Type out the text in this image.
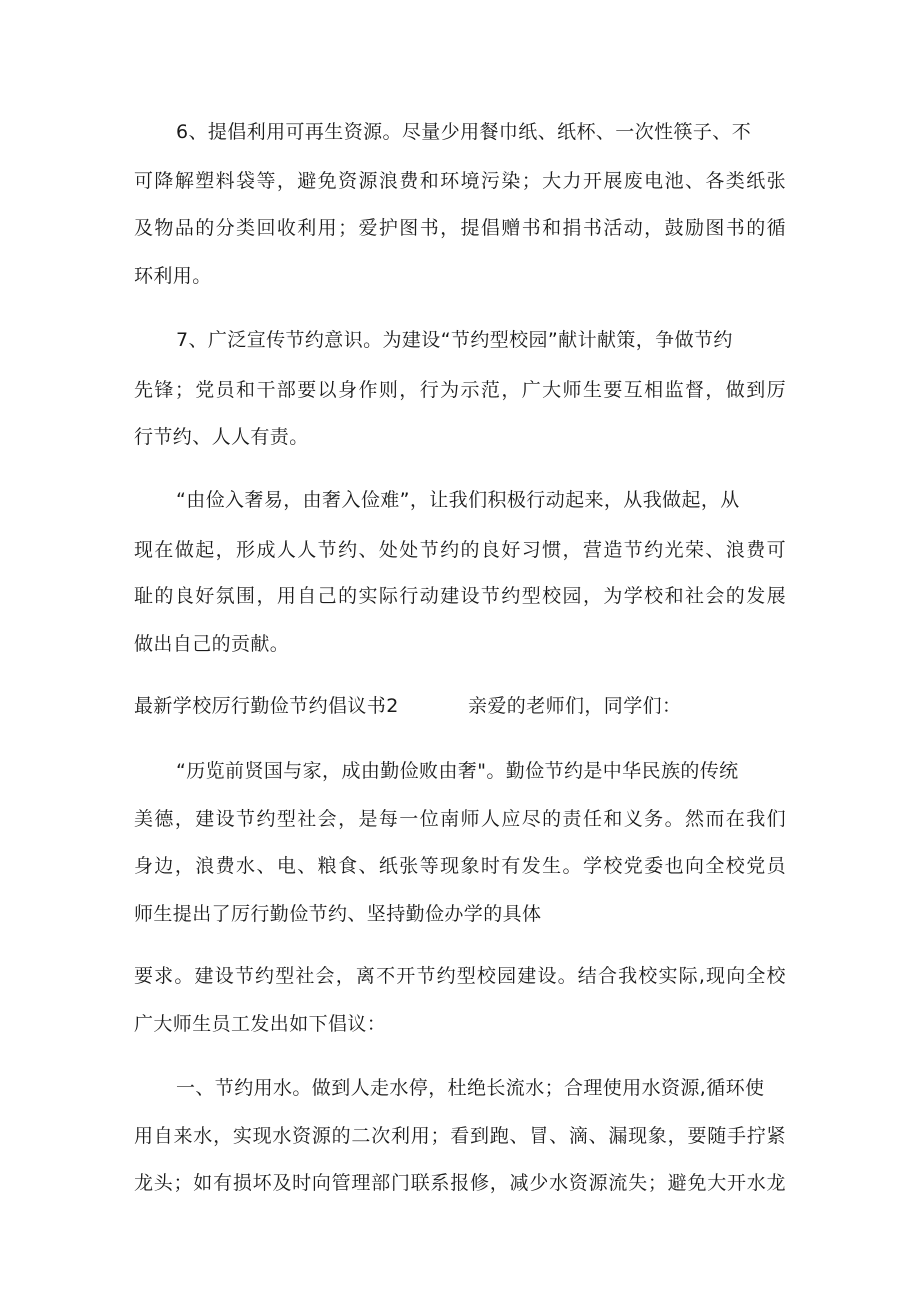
6、提倡利用可再生资源。尽量少用餐巾纸、纸杯、一次性筷子、不
可 降 解 塑 料 袋 等 ， 避 免 资 源 浪 费 和 环 境 污 染 ； 大 力 开 展 废 电 池 、 各 类 纸 张
及 物 品 的 分 类 回 收 利 用 ； 爱 护 图 书 ， 提 倡 赠 书 和 捐 书 活 动 ， 鼓 励 图 书 的 循
环利用。
7、广泛宣传节约意识。为建设“节约型校园”献计献策，争做节约
先 锋 ； 党 员 和 干 部 要 以 身 作 则 ， 行 为 示 范 ， 广 大 师 生 要 互 相 监 督 ， 做 到 厉
行节约、人人有责。
“由俭入奢易，由奢入俭难”，让我们积极行动起来，从我做起，从
现 在 做 起 ， 形 成 人 人 节 约 、 处 处 节 约 的 良 好 习 惯 ， 营 造 节 约 光 荣 、 浪 费 可
耻 的 良 好 氛 围 ， 用 自 己 的 实 际 行 动 建 设 节 约 型 校 园 ， 为 学 校 和 社 会 的 发 展
做出自己的贡献。
最新学校厉行勤俭节约倡议书2	亲爱的老师们，同学们：
“历览前贤国与家，成由勤俭败由奢"。勤俭节约是中华民族的传统
美 德 ， 建 设 节 约 型 社 会 ， 是 每 一 位 南 师 人 应 尽 的 责 任 和 义 务 。 然 而 在 我 们
身 边 ， 浪 费 水 、 电 、 粮 食 、 纸 张 等 现 象 时 有 发 生 。 学 校 党 委 也 向 全 校 党 员
师生提出了厉行勤俭节约、坚持勤俭办学的具体
要 求 。 建 设 节 约 型 社 会 ， 离 不 开 节 约 型 校 园 建 设 。 结 合 我 校 实 际 , 现 向 全 校
广大师生员工发出如下倡议：
一、节约用水。做到人走水停，杜绝长流水；合理使用水资源,循环使
用 自 来 水 ， 实 现 水 资 源 的 二 次 利 用 ； 看 到 跑 、 冒 、 滴 、 漏 现 象 ， 要 随 手 拧 紧
龙 头 ； 如 有 损 坏 及 时 向 管 理 部 门 联 系 报 修 ， 减 少 水 资 源 流 失 ； 避 免 大 开 水 龙
